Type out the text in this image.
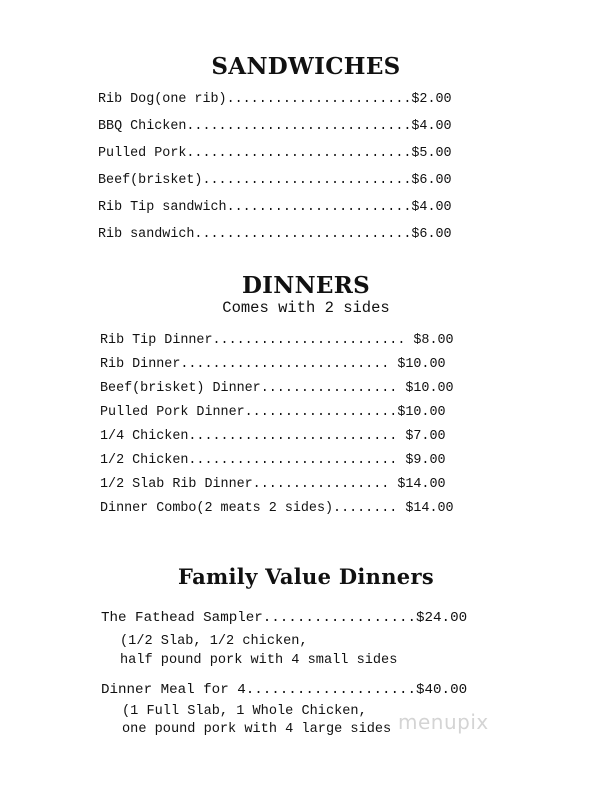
SANDWICHES
Rib Dog(one rib).......................$2.00
BBQ Chicken............................$4.00
Pulled Pork............................$5.00
Beef(brisket)..........................$6.00
Rib Tip sandwich.......................$4.00
Rib sandwich...........................$6.00
DINNERS
Comes with 2 sides
Rib Tip Dinner........................ $8.00
Rib Dinner.......................... $10.00
Beef(brisket) Dinner................. $10.00
Pulled Pork Dinner...................$10.00
1/4 Chicken.......................... $7.00
1/2 Chicken.......................... $9.00
1/2 Slab Rib Dinner................. $14.00
Dinner Combo(2 meats 2 sides)........ $14.00
Family Value Dinners
The Fathead Sampler..................$24.00
(1/2 Slab, 1/2 chicken,
half pound pork with 4 small sides
Dinner Meal for 4....................$40.00
(1 Full Slab, 1 Whole Chicken,
one pound pork with 4 large sides menupix
